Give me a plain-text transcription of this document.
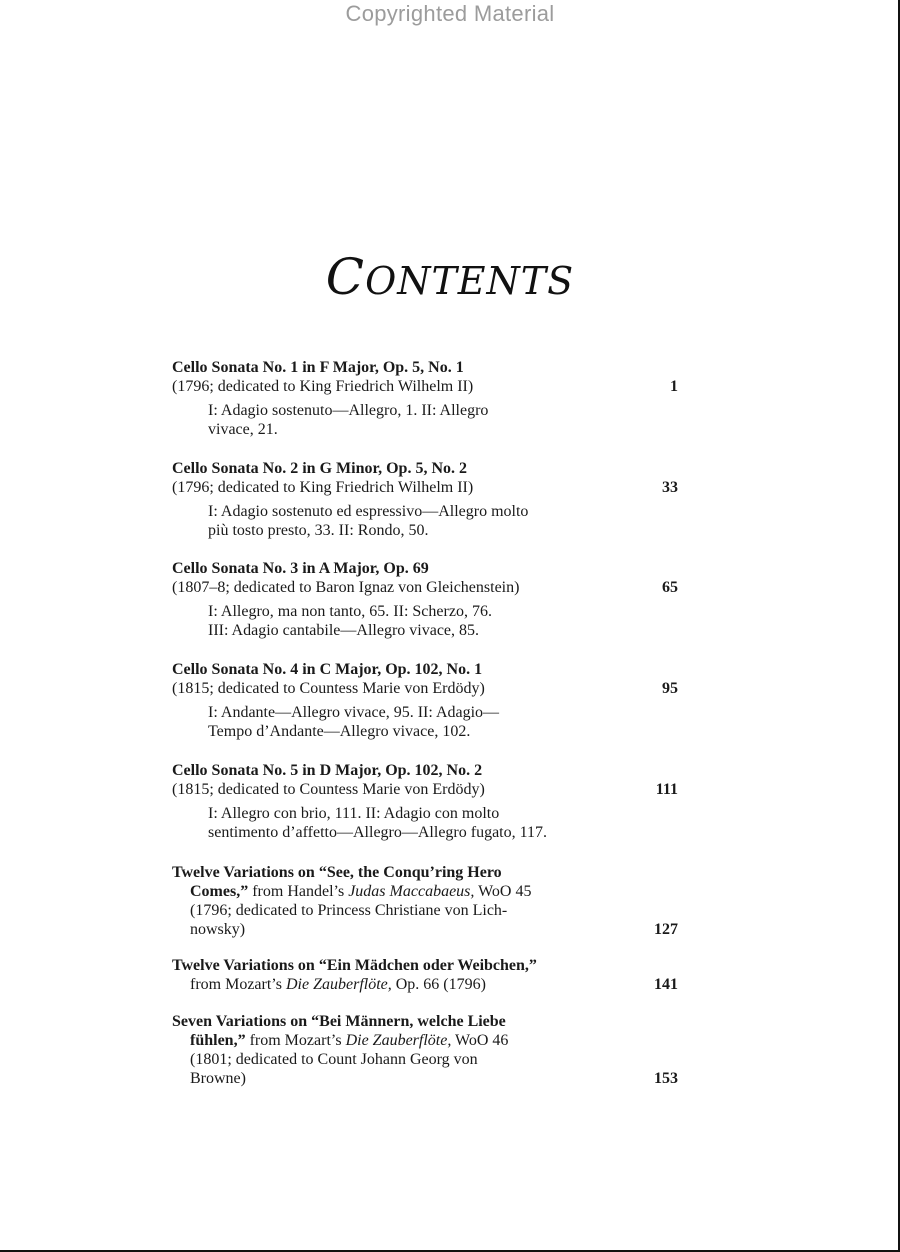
Copyrighted Material
CONTENTS
Cello Sonata No. 1 in F Major, Op. 5, No. 1
(1796; dedicated to King Friedrich Wilhelm II)	1
I: Adagio sostenuto—Allegro, 1. II: Allegro
vivace, 21.
Cello Sonata No. 2 in G Minor, Op. 5, No. 2
(1796; dedicated to King Friedrich Wilhelm II)	33
I: Adagio sostenuto ed espressivo—Allegro molto
più tosto presto, 33. II: Rondo, 50.
Cello Sonata No. 3 in A Major, Op. 69
(1807–8; dedicated to Baron Ignaz von Gleichenstein)	65
I: Allegro, ma non tanto, 65. II: Scherzo, 76.
III: Adagio cantabile—Allegro vivace, 85.
Cello Sonata No. 4 in C Major, Op. 102, No. 1
(1815; dedicated to Countess Marie von Erdödy)	95
I: Andante—Allegro vivace, 95. II: Adagio—
Tempo d’Andante—Allegro vivace, 102.
Cello Sonata No. 5 in D Major, Op. 102, No. 2
(1815; dedicated to Countess Marie von Erdödy)	111
I: Allegro con brio, 111. II: Adagio con molto
sentimento d’affetto—Allegro—Allegro fugato, 117.
Twelve Variations on “See, the Conqu’ring Hero
Comes,” from Handel’s Judas Maccabaeus, WoO 45
(1796; dedicated to Princess Christiane von Lich-
nowsky)	127
Twelve Variations on “Ein Mädchen oder Weibchen,”
from Mozart’s Die Zauberflöte, Op. 66 (1796)	141
Seven Variations on “Bei Männern, welche Liebe
fühlen,” from Mozart’s Die Zauberflöte, WoO 46
(1801; dedicated to Count Johann Georg von
Browne)	153
